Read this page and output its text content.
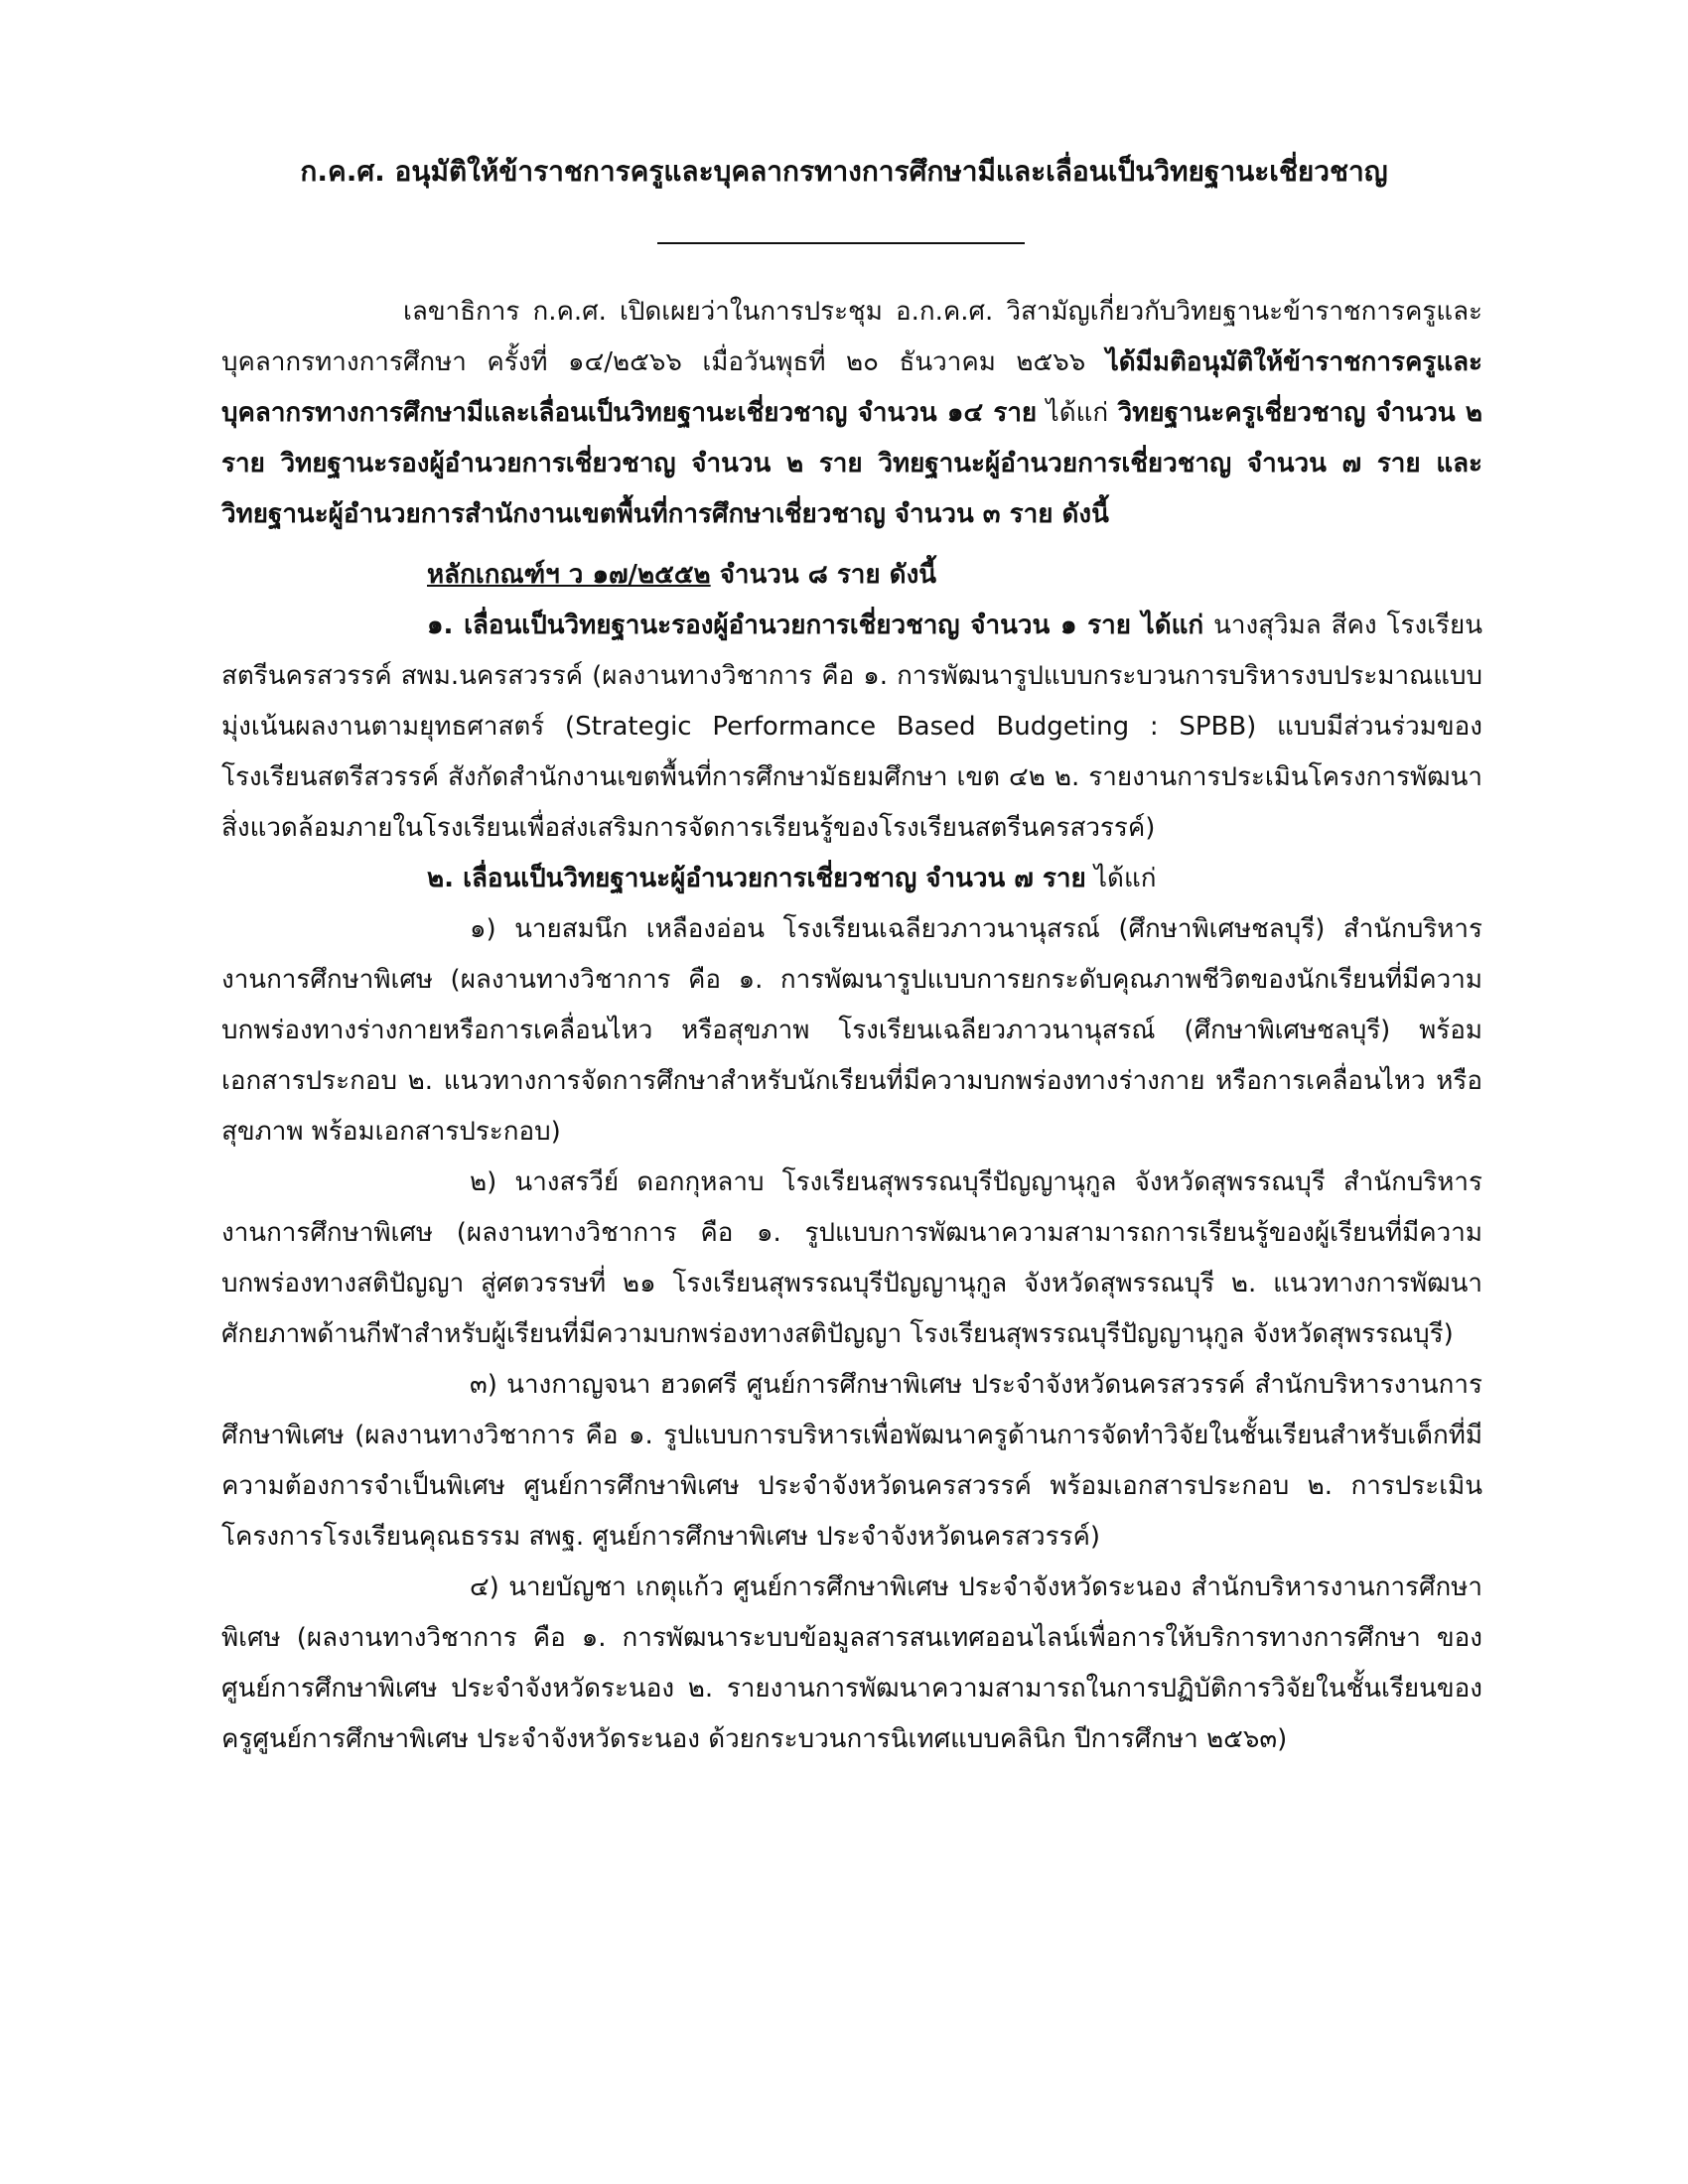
ก.ค.ศ. อนุมัติให้ข้าราชการครูและบุคลากรทางการศึกษามีและเลื่อนเป็นวิทยฐานะเชี่ยวชาญ

เลขาธิการ ก.ค.ศ. เปิดเผยว่าในการประชุม อ.ก.ค.ศ. วิสามัญเกี่ยวกับวิทยฐานะข้าราชการครูและบุคลากรทางการศึกษา ครั้งที่ ๑๔/๒๕๖๖ เมื่อวันพุธที่ ๒๐ ธันวาคม ๒๕๖๖ ได้มีมติอนุมัติให้ข้าราชการครูและบุคลากรทางการศึกษามีและเลื่อนเป็นวิทยฐานะเชี่ยวชาญ จำนวน ๑๔ ราย ได้แก่ วิทยฐานะครูเชี่ยวชาญ จำนวน ๒ ราย วิทยฐานะรองผู้อำนวยการเชี่ยวชาญ จำนวน ๒ ราย วิทยฐานะผู้อำนวยการเชี่ยวชาญ จำนวน ๗ ราย และวิทยฐานะผู้อำนวยการสำนักงานเขตพื้นที่การศึกษาเชี่ยวชาญ จำนวน ๓ ราย ดังนี้

หลักเกณฑ์ฯ ว ๑๗/๒๕๕๒ จำนวน ๘ ราย ดังนี้

๑. เลื่อนเป็นวิทยฐานะรองผู้อำนวยการเชี่ยวชาญ จำนวน ๑ ราย ได้แก่ นางสุวิมล สีคง โรงเรียนสตรีนครสวรรค์ สพม.นครสวรรค์ (ผลงานทางวิชาการ คือ ๑. การพัฒนารูปแบบกระบวนการบริหารงบประมาณแบบมุ่งเน้นผลงานตามยุทธศาสตร์ (Strategic Performance Based Budgeting : SPBB) แบบมีส่วนร่วมของโรงเรียนสตรีสวรรค์ สังกัดสำนักงานเขตพื้นที่การศึกษามัธยมศึกษา เขต ๔๒ ๒. รายงานการประเมินโครงการพัฒนาสิ่งแวดล้อมภายในโรงเรียนเพื่อส่งเสริมการจัดการเรียนรู้ของโรงเรียนสตรีนครสวรรค์)

๒. เลื่อนเป็นวิทยฐานะผู้อำนวยการเชี่ยวชาญ จำนวน ๗ ราย ได้แก่

๑) นายสมนึก เหลืองอ่อน โรงเรียนเฉลียวภาวนานุสรณ์ (ศึกษาพิเศษชลบุรี) สำนักบริหารงานการศึกษาพิเศษ (ผลงานทางวิชาการ คือ ๑. การพัฒนารูปแบบการยกระดับคุณภาพชีวิตของนักเรียนที่มีความบกพร่องทางร่างกายหรือการเคลื่อนไหว หรือสุขภาพ โรงเรียนเฉลียวภาวนานุสรณ์ (ศึกษาพิเศษชลบุรี) พร้อมเอกสารประกอบ ๒. แนวทางการจัดการศึกษาสำหรับนักเรียนที่มีความบกพร่องทางร่างกาย หรือการเคลื่อนไหว หรือสุขภาพ พร้อมเอกสารประกอบ)

๒) นางสรวีย์ ดอกกุหลาบ โรงเรียนสุพรรณบุรีปัญญานุกูล จังหวัดสุพรรณบุรี สำนักบริหารงานการศึกษาพิเศษ (ผลงานทางวิชาการ คือ ๑. รูปแบบการพัฒนาความสามารถการเรียนรู้ของผู้เรียนที่มีความบกพร่องทางสติปัญญา สู่ศตวรรษที่ ๒๑ โรงเรียนสุพรรณบุรีปัญญานุกูล จังหวัดสุพรรณบุรี ๒. แนวทางการพัฒนาศักยภาพด้านกีฬาสำหรับผู้เรียนที่มีความบกพร่องทางสติปัญญา โรงเรียนสุพรรณบุรีปัญญานุกูล จังหวัดสุพรรณบุรี)

๓) นางกาญจนา ฮวดศรี ศูนย์การศึกษาพิเศษ ประจำจังหวัดนครสวรรค์ สำนักบริหารงานการศึกษาพิเศษ (ผลงานทางวิชาการ คือ ๑. รูปแบบการบริหารเพื่อพัฒนาครูด้านการจัดทำวิจัยในชั้นเรียนสำหรับเด็กที่มีความต้องการจำเป็นพิเศษ ศูนย์การศึกษาพิเศษ ประจำจังหวัดนครสวรรค์ พร้อมเอกสารประกอบ ๒. การประเมินโครงการโรงเรียนคุณธรรม สพฐ. ศูนย์การศึกษาพิเศษ ประจำจังหวัดนครสวรรค์)

๔) นายบัญชา เกตุแก้ว ศูนย์การศึกษาพิเศษ ประจำจังหวัดระนอง สำนักบริหารงานการศึกษาพิเศษ (ผลงานทางวิชาการ คือ ๑. การพัฒนาระบบข้อมูลสารสนเทศออนไลน์เพื่อการให้บริการทางการศึกษา ของศูนย์การศึกษาพิเศษ ประจำจังหวัดระนอง ๒. รายงานการพัฒนาความสามารถในการปฏิบัติการวิจัยในชั้นเรียนของครูศูนย์การศึกษาพิเศษ ประจำจังหวัดระนอง ด้วยกระบวนการนิเทศแบบคลินิก ปีการศึกษา ๒๕๖๓)
